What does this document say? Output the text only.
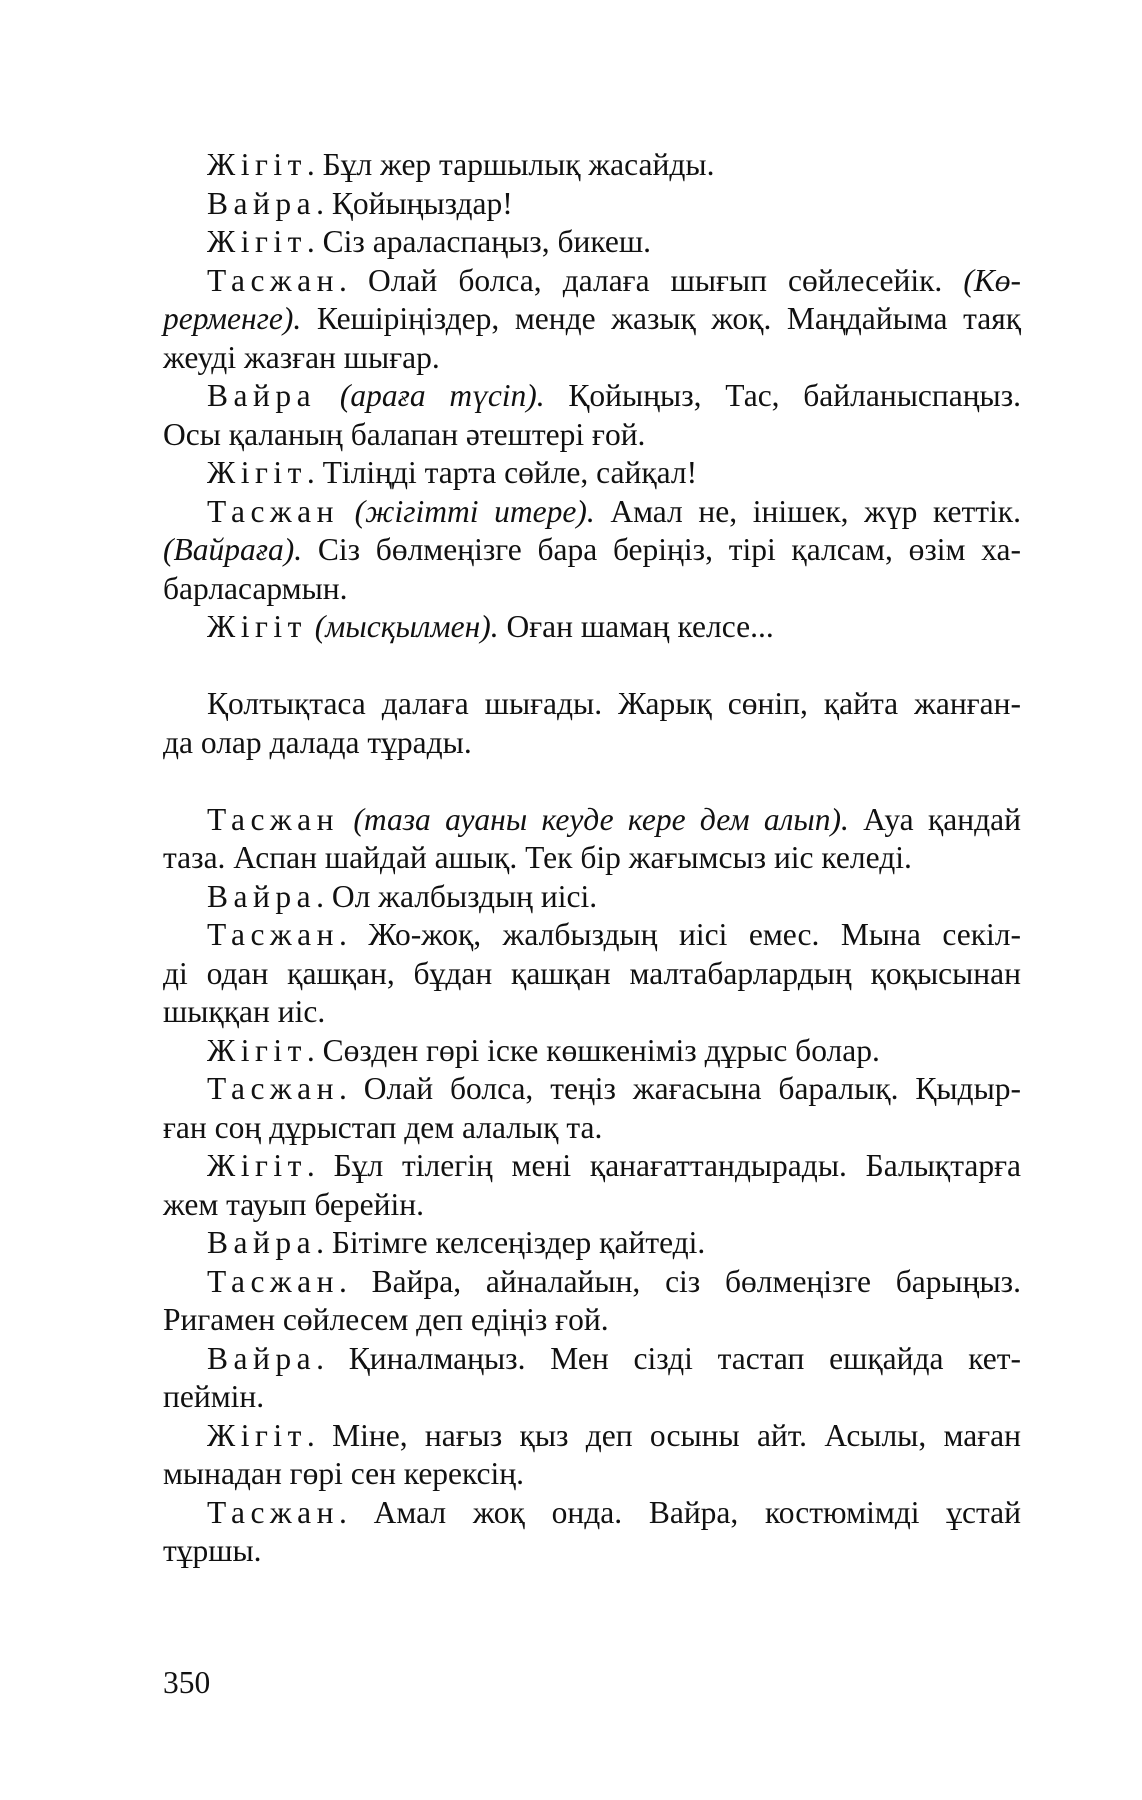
Жігіт. Бұл жер таршылық жасайды.
Вайра. Қойыңыздар!
Жігіт. Сіз араласпаңыз, бикеш.
Тасжан. Олай болса, далаға шығып сөйлесейік. (Кө-
рерменге). Кешіріңіздер, менде жазық жоқ. Маңдайыма таяқ
жеуді жазған шығар.
Вайра (араға түсіп). Қойыңыз, Тас, байланыспаңыз.
Осы қаланың балапан әтештері ғой.
Жігіт. Тіліңді тарта сөйле, сайқал!
Тасжан (жігітті итере). Амал не, інішек, жүр кеттік.
(Вайраға). Сіз бөлмеңізге бара беріңіз, тірі қалсам, өзім ха-
барласармын.
Жігіт (мысқылмен). Оған шамаң келсе...
Қолтықтаса далаға шығады. Жарық сөніп, қайта жанған-
да олар далада тұрады.
Тасжан (таза ауаны кеуде кере дем алып). Ауа қандай
таза. Аспан шайдай ашық. Тек бір жағымсыз иіс келеді.
Вайра. Ол жалбыздың иісі.
Тасжан. Жо-жоқ, жалбыздың иісі емес. Мына секіл-
ді одан қашқан, бұдан қашқан малтабарлардың қоқысынан
шыққан иіс.
Жігіт. Сөзден гөрі іске көшкеніміз дұрыс болар.
Тасжан. Олай болса, теңіз жағасына баралық. Қыдыр-
ған соң дұрыстап дем алалық та.
Жігіт. Бұл тілегің мені қанағаттандырады. Балықтарға
жем тауып берейін.
Вайра. Бітімге келсеңіздер қайтеді.
Тасжан. Вайра, айналайын, сіз бөлмеңізге барыңыз.
Ригамен сөйлесем деп едіңіз ғой.
Вайра. Қиналмаңыз. Мен сізді тастап ешқайда кет-
пеймін.
Жігіт. Міне, нағыз қыз деп осыны айт. Асылы, маған
мынадан гөрі сен керексің.
Тасжан. Амал жоқ онда. Вайра, костюмімді ұстай
тұршы.
350
